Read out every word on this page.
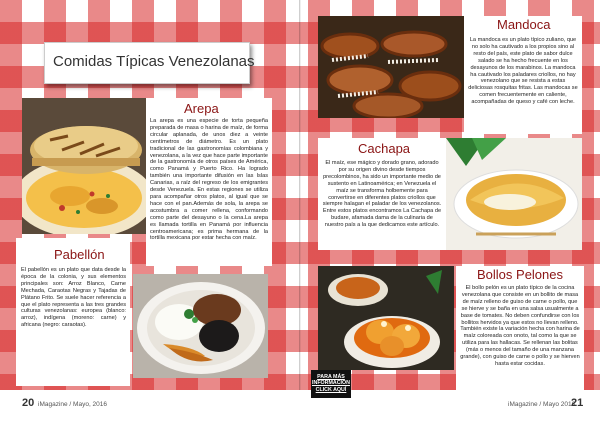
Comidas Típicas Venezolanas
Arepa
La arepa es una especie de torta pequeña preparada de masa o harina de maíz, de forma circular aplanada, de unos diez a veinte centímetros de diámetro. Es un plato tradicional de las gastronomías colombiana y venezolana, a la vez que hace parte importante de la gastronomía de otros países de América, como Panamá y Puerto Rico. Ha logrado también una importante difusión en las Islas Canarias, a raíz del regreso de los emigrantes desde Venezuela. En estas regiones se utiliza para acompañar otros platos, al igual que se hace con el pan.Además de sola, la arepa se acostumbra a comer rellena, conformando como parte del desayuno o la cena.La arepa es llamada tortilla en Panamá por influencia centroamericana; es prima hermana de la tortilla mexicana por estar hecha con maíz.
Pabellón
El pabellón es un plato que data desde la época de la colonia, y sus elementos principales son: Arroz Blanco, Carne Mechada, Caraotas Negras y Tajadas de Plátano Frito. Se suele hacer referencia a que el plato representa a las tres grandes culturas venezolanas: europea (blanco: arroz), indígena (moreno: carne) y africana (negro: caraotas).
20 iMagazine / Mayo, 2016
Mandoca
La mandoca es un plato típico zuliano, que no solo ha cautivado a los propios sino al resto del país, este plato de sabor dulce salado se ha hecho frecuente en los desayunos de los marabinos. La mandoca ha cautivado los paladares criollos, no hay venezolano que se resista a estas deliciosas rosquitas fritas. Las mandocas se comen frecuentemente en caliente, acompañadas de queso y café con leche.
Cachapa
El maíz, ese mágico y dorado grano, adorado por su origen divino desde tiempos precolombinos, ha sido un importante medio de sustento en Latinoamérica; en Venezuela el maíz se transforma holbemente para convertirse en diferentes platos criollos que siempre halagan el paladar de los venezolanos. Entre estos platos encontramos La Cachapa de budare, afamada dama de la culinaria de nuestro país a la que dedicamos este artículo.
Bollos Pelones
El bollo pelón es un plato típico de la cocina venezolana que consiste en un bollito de masa de maíz relleno de guiso de carne o pollo, que se hierve y se baña en una salsa usualmente a base de tomates. No deben confundirse con los bollitos hervidos ya que estos no llevan relleno. También existe la variación hecha con harina de maíz coloreada con onoto, tal como la que se utiliza para las hallacas. Se rellenan las bolitas (más o menos del tamaño de una manzana grande), con guiso de carne o pollo y se hierven hasta estar cocidas.
PARA MÁS
INFORMACIÓN
CLICK AQUÍ
iMagazine / Mayo 2016
21
